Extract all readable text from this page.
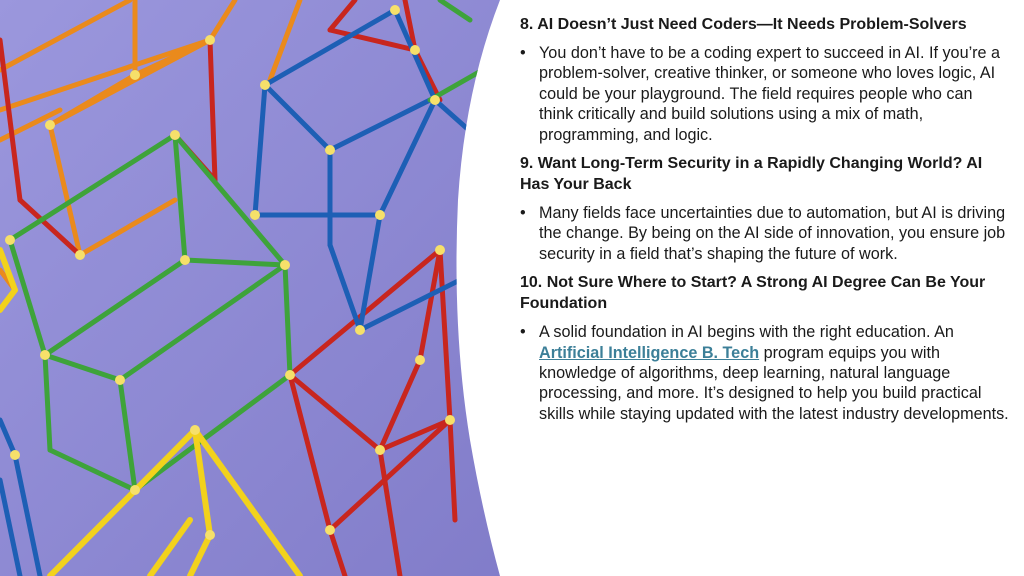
8. AI Doesn’t Just Need Coders—It Needs Problem-Solvers
• You don’t have to be a coding expert to succeed in AI. If you’re a problem-solver, creative thinker, or someone who loves logic, AI could be your playground. The field requires people who can think critically and build solutions using a mix of math, programming, and logic.
9. Want Long-Term Security in a Rapidly Changing World? AI Has Your Back
• Many fields face uncertainties due to automation, but AI is driving the change. By being on the AI side of innovation, you ensure job security in a field that’s shaping the future of work.
10. Not Sure Where to Start? A Strong AI Degree Can Be Your Foundation
• A solid foundation in AI begins with the right education. An Artificial Intelligence B. Tech program equips you with knowledge of algorithms, deep learning, natural language processing, and more. It’s designed to help you build practical skills while staying updated with the latest industry developments.
